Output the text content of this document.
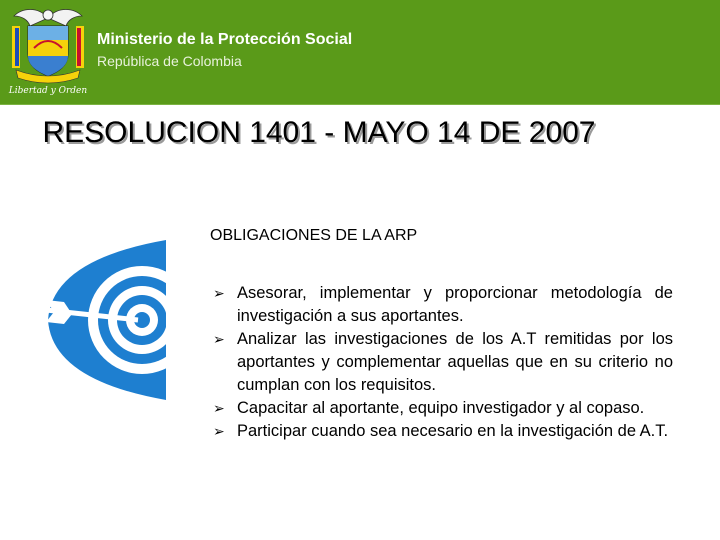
Libertad y Orden
Ministerio de la Protección Social
República de Colombia
RESOLUCION 1401 - MAYO 14 DE 2007
OBLIGACIONES DE LA ARP
➢ Asesorar, implementar y proporcionar metodología de investigación a sus aportantes.
➢ Analizar las investigaciones de los A.T remitidas por los aportantes y complementar aquellas que en su criterio no cumplan con los requisitos.
➢ Capacitar al aportante, equipo investigador y al copaso.
➢ Participar cuando sea necesario en la investigación de A.T.
